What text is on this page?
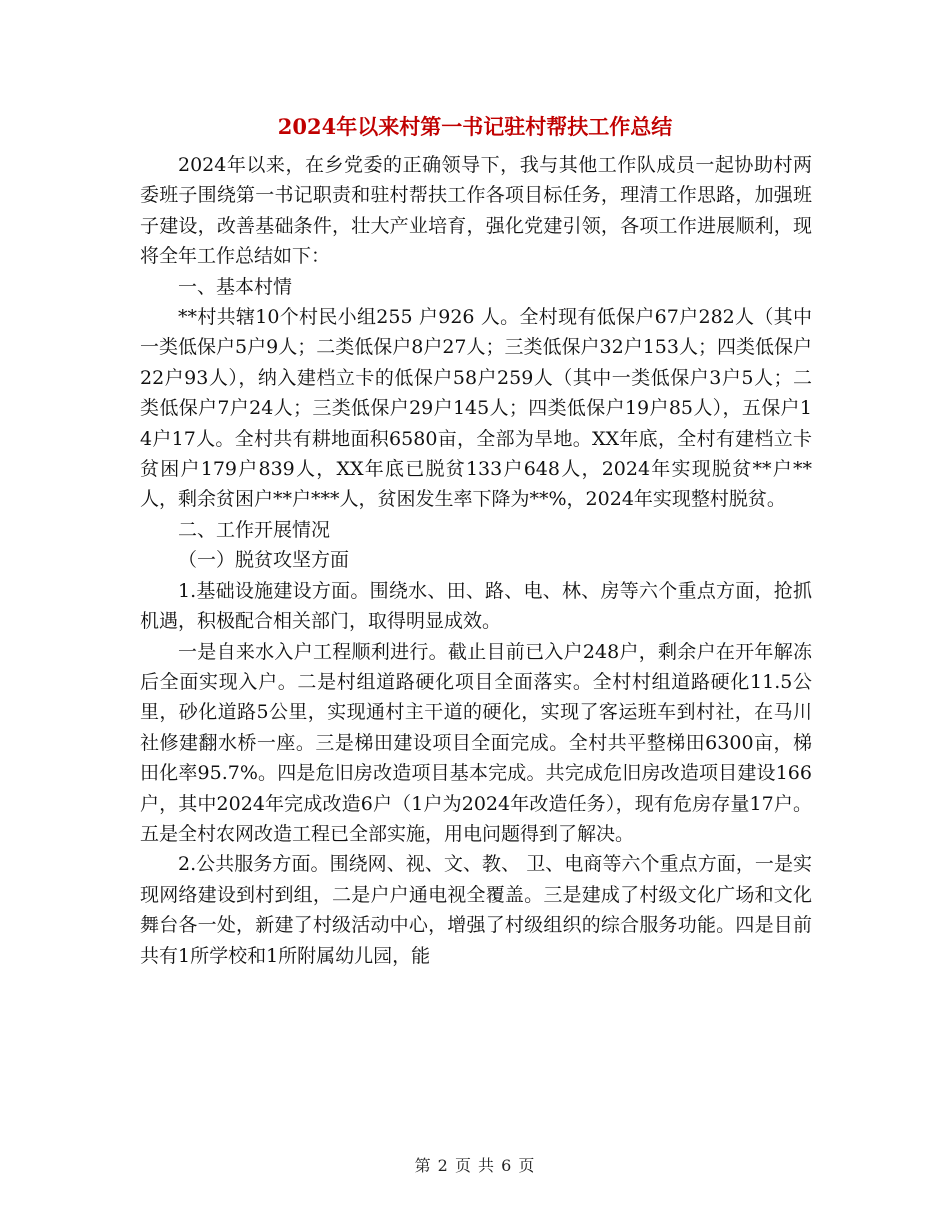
2024年以来村第一书记驻村帮扶工作总结

2024年以来，在乡党委的正确领导下，我与其他工作队成员一起协助村两委班子围绕第一书记职责和驻村帮扶工作各项目标任务，理清工作思路，加强班子建设，改善基础条件，壮大产业培育，强化党建引领，各项工作进展顺利，现将全年工作总结如下：

一、基本村情

**村共辖10个村民小组255 户926 人。全村现有低保户67户282人（其中一类低保户5户9人；二类低保户8户27人；三类低保户32户153人；四类低保户22户93人），纳入建档立卡的低保户58户259人（其中一类低保户3户5人；二类低保户7户24人；三类低保户29户145人；四类低保户19户85人），五保户14户17人。全村共有耕地面积6580亩，全部为旱地。XX年底，全村有建档立卡贫困户179户839人，XX年底已脱贫133户648人，2024年实现脱贫**户**人，剩余贫困户**户***人，贫困发生率下降为**%，2024年实现整村脱贫。

二、工作开展情况

（一）脱贫攻坚方面

1.基础设施建设方面。围绕水、田、路、电、林、房等六个重点方面，抢抓机遇，积极配合相关部门，取得明显成效。

一是自来水入户工程顺利进行。截止目前已入户248户，剩余户在开年解冻后全面实现入户。二是村组道路硬化项目全面落实。全村村组道路硬化11.5公里，砂化道路5公里，实现通村主干道的硬化，实现了客运班车到村社，在马川社修建翻水桥一座。三是梯田建设项目全面完成。全村共平整梯田6300亩，梯田化率95.7%。四是危旧房改造项目基本完成。共完成危旧房改造项目建设166户，其中2024年完成改造6户（1户为2024年改造任务），现有危房存量17户。五是全村农网改造工程已全部实施，用电问题得到了解决。

2.公共服务方面。围绕网、视、文、教、 卫、电商等六个重点方面，一是实现网络建设到村到组，二是户户通电视全覆盖。三是建成了村级文化广场和文化舞台各一处，新建了村级活动中心，增强了村级组织的综合服务功能。四是目前共有1所学校和1所附属幼儿园，能

第 2 页 共 6 页
